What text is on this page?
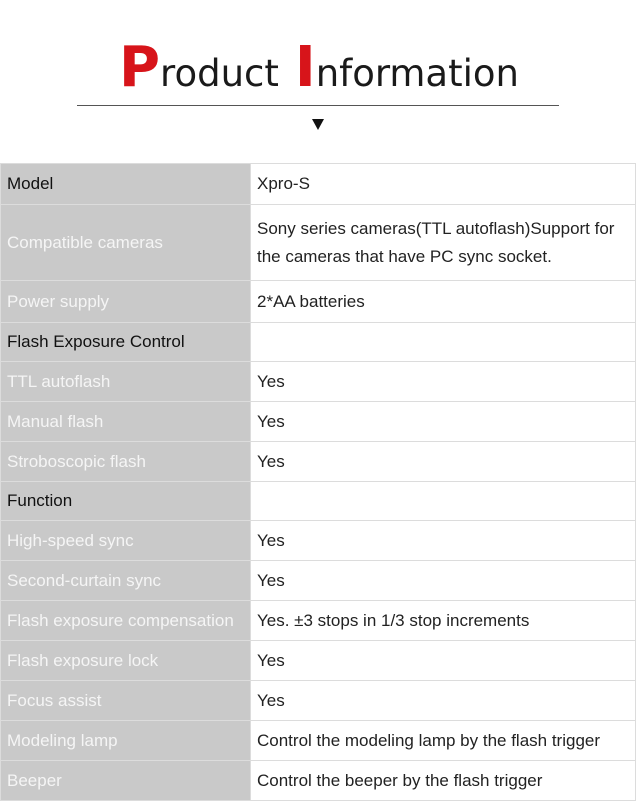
Product Information
Model	Xpro-S
Compatible cameras	Sony series cameras(TTL autoflash)Support for the cameras that have PC sync socket.
Power supply	2*AA batteries
Flash Exposure Control	
TTL autoflash	Yes
Manual flash	Yes
Stroboscopic flash	Yes
Function	
High-speed sync	Yes
Second-curtain sync	Yes
Flash exposure compensation	Yes. ±3 stops in 1/3 stop increments
Flash exposure lock	Yes
Focus assist	Yes
Modeling lamp	Control the modeling lamp by the flash trigger
Beeper	Control the beeper by the flash trigger
